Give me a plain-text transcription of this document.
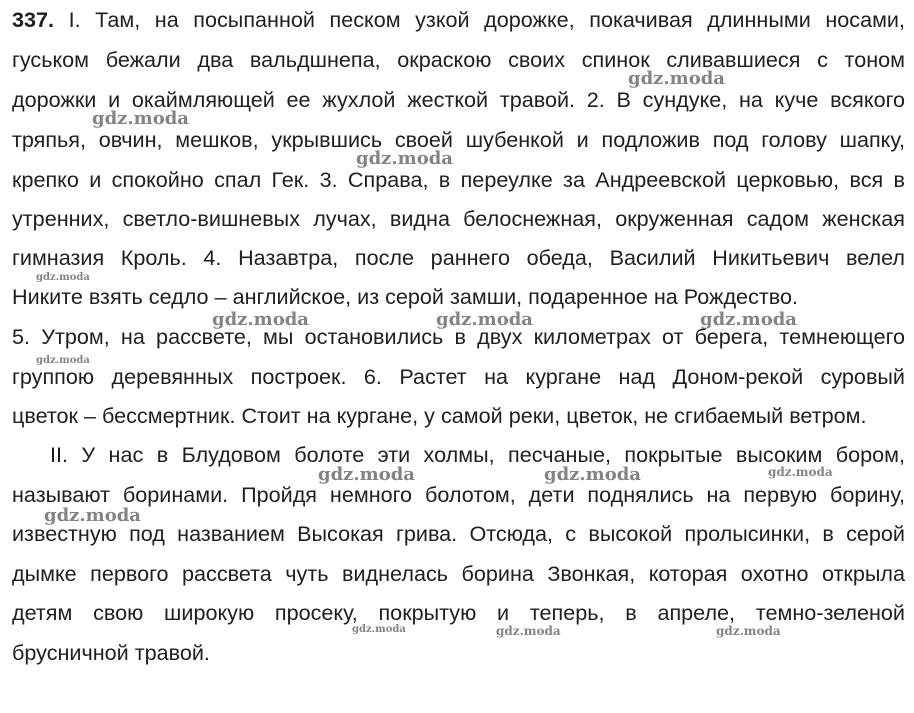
337. I. Там, на посыпанной песком узкой дорожке, покачивая длинными носами,
гуськом бежали два вальдшнепа, окраскою своих спинок сливавшиеся с тоном
дорожки и окаймляющей ее жухлой жесткой травой. 2. В сундуке, на куче всякого
тряпья, овчин, мешков, укрывшись своей шубенкой и подложив под голову шапку,
крепко и спокойно спал Гек. 3. Справа, в переулке за Андреевской церковью, вся в
утренних, светло-вишневых лучах, видна белоснежная, окруженная садом женская
гимназия Кроль. 4. Назавтра, после раннего обеда, Василий Никитьевич велел
Никите взять седло – английское, из серой замши, подаренное на Рождество.
5. Утром, на рассвете, мы остановились в двух километрах от берега, темнеющего
группою деревянных построек. 6. Растет на кургане над Доном-рекой суровый
цветок – бессмертник. Стоит на кургане, у самой реки, цветок, не сгибаемый ветром.
II. У нас в Блудовом болоте эти холмы, песчаные, покрытые высоким бором,
называют боринами. Пройдя немного болотом, дети поднялись на первую борину,
известную под названием Высокая грива. Отсюда, с высокой пролысинки, в серой
дымке первого рассвета чуть виднелась борина Звонкая, которая охотно открыла
детям свою широкую просеку, покрытую и теперь, в апреле, темно-зеленой
брусничной травой.
gdz.moda
gdz.moda
gdz.moda
gdz.moda
gdz.moda	gdz.moda	gdz.moda
gdz.moda
gdz.moda	gdz.moda	gdz.moda
gdz.moda
gdz.moda	gdz.moda	gdz.moda
